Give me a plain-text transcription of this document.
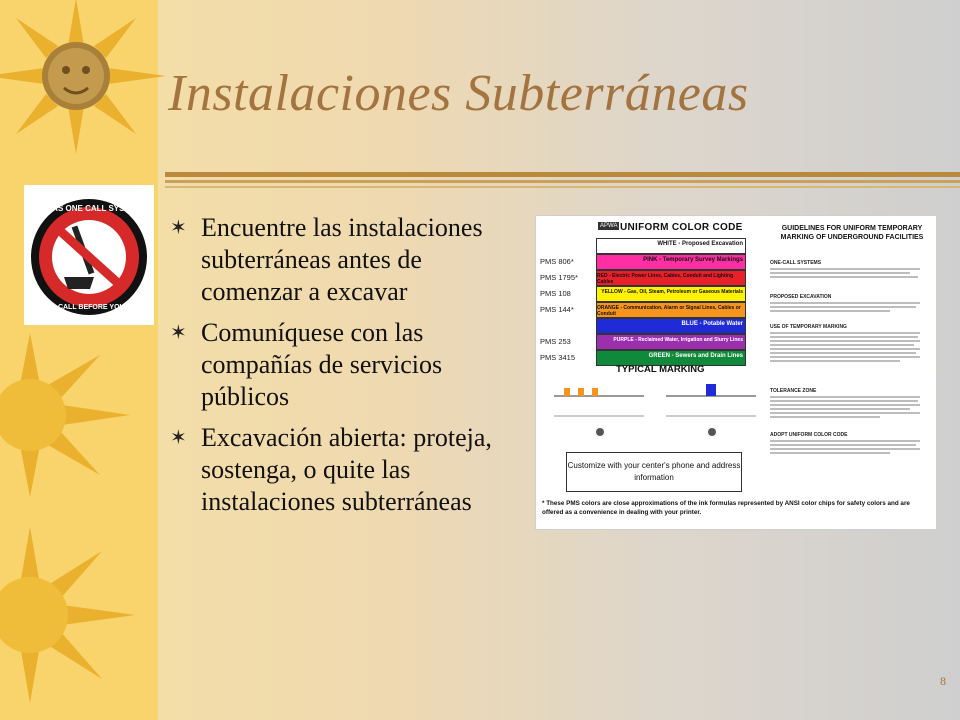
TEXAS ONE CALL SYSTEM
STOP-CALL BEFORE YOU DIG!
Instalaciones Subterráneas
✶ Encuentre las instalaciones subterráneas antes de comenzar a excavar
✶ Comuníquese con las compañías de servicios públicos
✶ Excavación abierta: proteja, sostenga, o quite las instalaciones subterráneas
UNIFORM COLOR CODE
APWA
WHITE - Proposed Excavation
PINK - Temporary Survey Markings
PMS 806*
RED - Electric Power Lines, Cables, Conduit and Lighting Cables
PMS 1795*
YELLOW - Gas, Oil, Steam, Petroleum or Gaseous Materials
PMS 108
ORANGE - Communication, Alarm or Signal Lines, Cables or Conduit
PMS 144*
BLUE - Potable Water
PURPLE - Reclaimed Water, Irrigation and Slurry Lines
PMS 253
GREEN - Sewers and Drain Lines
PMS 3415
TYPICAL MARKING
Customize with your center's phone and address information
GUIDELINES FOR UNIFORM TEMPORARY MARKING OF UNDERGROUND FACILITIES
ONE-CALL SYSTEMS
PROPOSED EXCAVATION
USE OF TEMPORARY MARKING
TOLERANCE ZONE
ADOPT UNIFORM COLOR CODE
* These PMS colors are close approximations of the ink formulas represented by ANSI color chips for safety colors and are offered as a convenience in dealing with your printer.
8
